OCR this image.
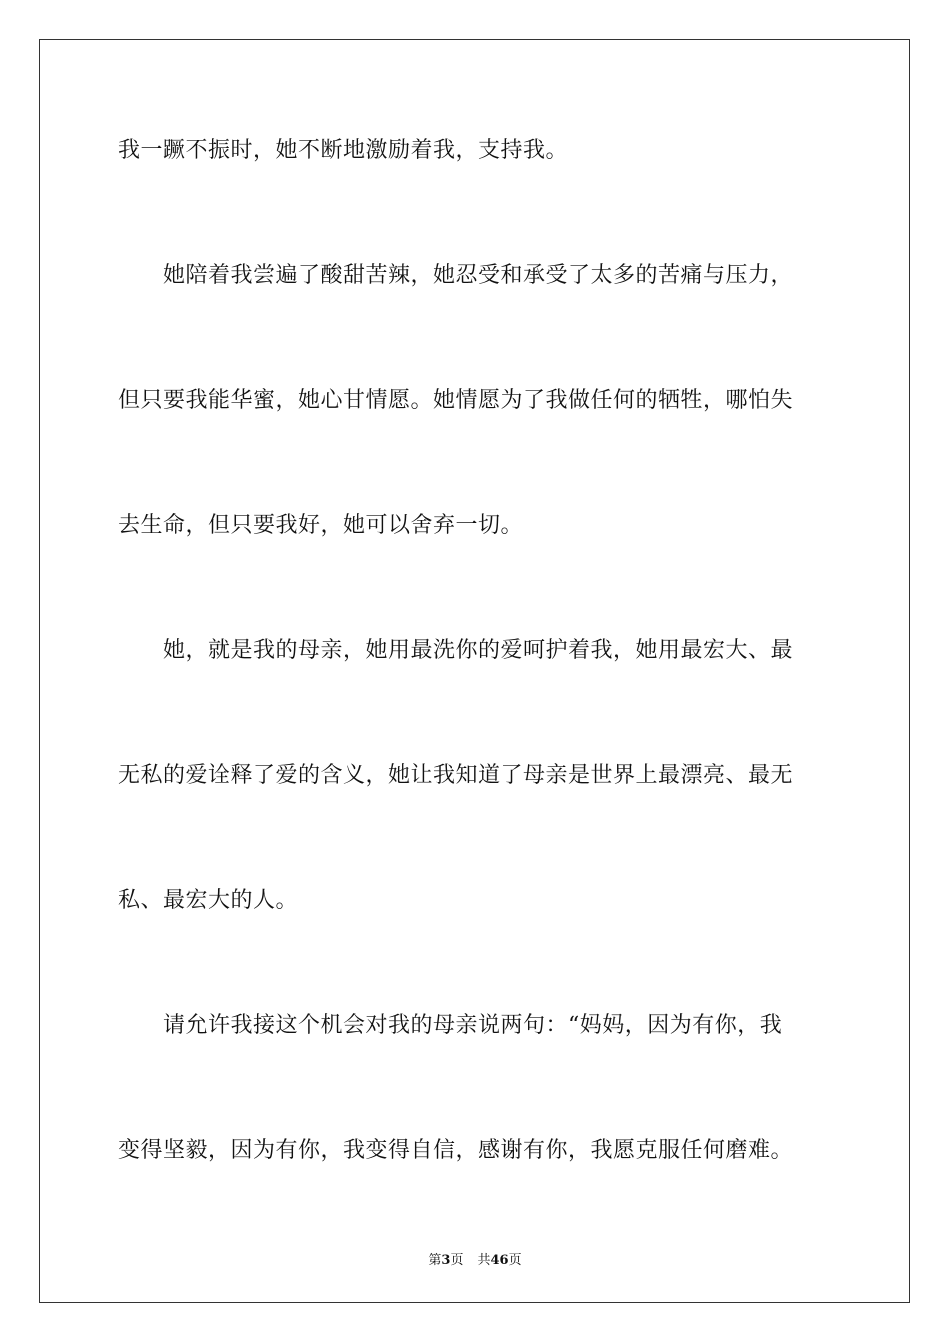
我一蹶不振时，她不断地激励着我，支持我。
　　她陪着我尝遍了酸甜苦辣，她忍受和承受了太多的苦痛与压力，
但只要我能华蜜，她心甘情愿。她情愿为了我做任何的牺牲，哪怕失
去生命，但只要我好，她可以舍弃一切。
　　她，就是我的母亲，她用最洗你的爱呵护着我，她用最宏大、最
无私的爱诠释了爱的含义，她让我知道了母亲是世界上最漂亮、最无
私、最宏大的人。
　　请允许我接这个机会对我的母亲说两句：“妈妈，因为有你，我
变得坚毅，因为有你，我变得自信，感谢有你，我愿克服任何磨难。
第3页 共46页
